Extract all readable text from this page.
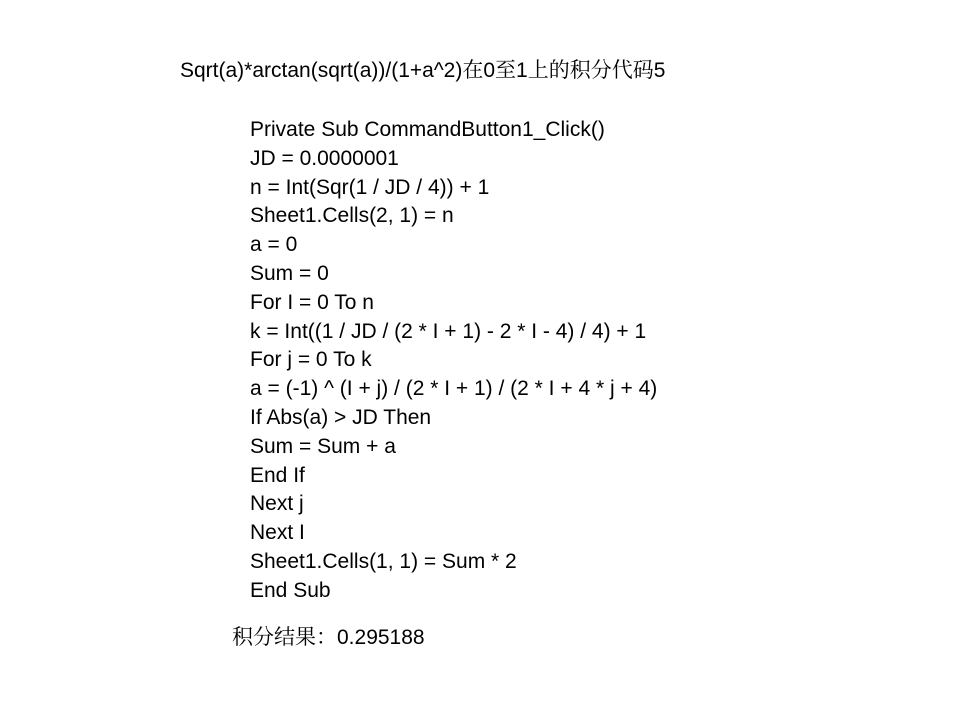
Sqrt(a)*arctan(sqrt(a))/(1+a^2)在0至1上的积分代码5
Private Sub CommandButton1_Click()
JD = 0.0000001
n = Int(Sqr(1 / JD / 4)) + 1
Sheet1.Cells(2, 1) = n
a = 0
Sum = 0
For I = 0 To n
k = Int((1 / JD / (2 * I + 1) - 2 * I - 4) / 4) + 1
For j = 0 To k
a = (-1) ^ (I + j) / (2 * I + 1) / (2 * I + 4 * j + 4)
If Abs(a) > JD Then
Sum = Sum + a
End If
Next j
Next I
Sheet1.Cells(1, 1) = Sum * 2
End Sub
积分结果：0.295188
